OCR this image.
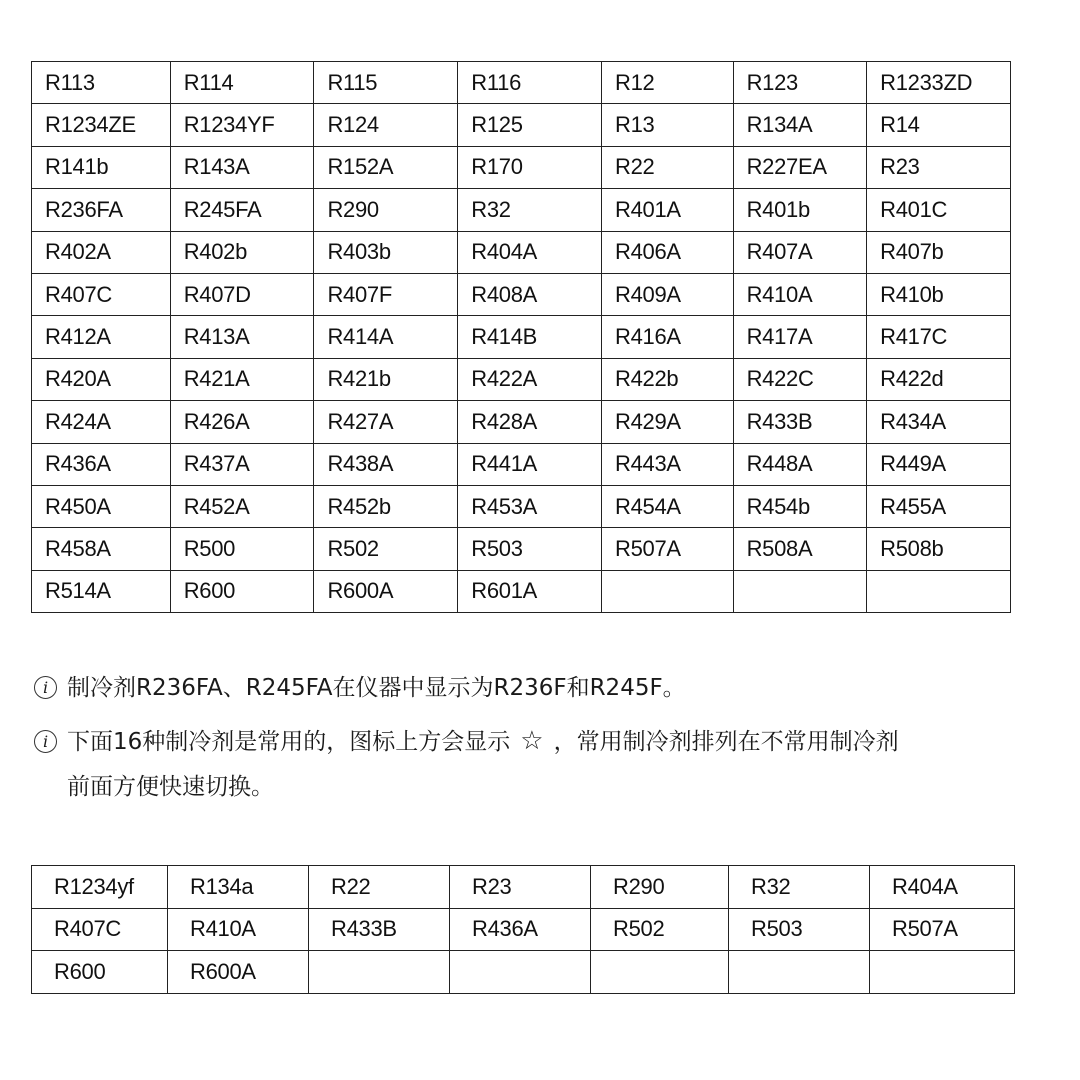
R113	R114	R115	R116	R12	R123	R1233ZD
R1234ZE	R1234YF	R124	R125	R13	R134A	R14
R141b	R143A	R152A	R170	R22	R227EA	R23
R236FA	R245FA	R290	R32	R401A	R401b	R401C
R402A	R402b	R403b	R404A	R406A	R407A	R407b
R407C	R407D	R407F	R408A	R409A	R410A	R410b
R412A	R413A	R414A	R414B	R416A	R417A	R417C
R420A	R421A	R421b	R422A	R422b	R422C	R422d
R424A	R426A	R427A	R428A	R429A	R433B	R434A
R436A	R437A	R438A	R441A	R443A	R448A	R449A
R450A	R452A	R452b	R453A	R454A	R454b	R455A
R458A	R500	R502	R503	R507A	R508A	R508b
R514A	R600	R600A	R601A			
i 制冷剂R236FA、R245FA在仪器中显示为R236F和R245F。
i 下面16种制冷剂是常用的，图标上方会显示 ☆ ，常用制冷剂排列在不常用制冷剂
前面方便快速切换。
R1234yf	R134a	R22	R23	R290	R32	R404A
R407C	R410A	R433B	R436A	R502	R503	R507A
R600	R600A					
